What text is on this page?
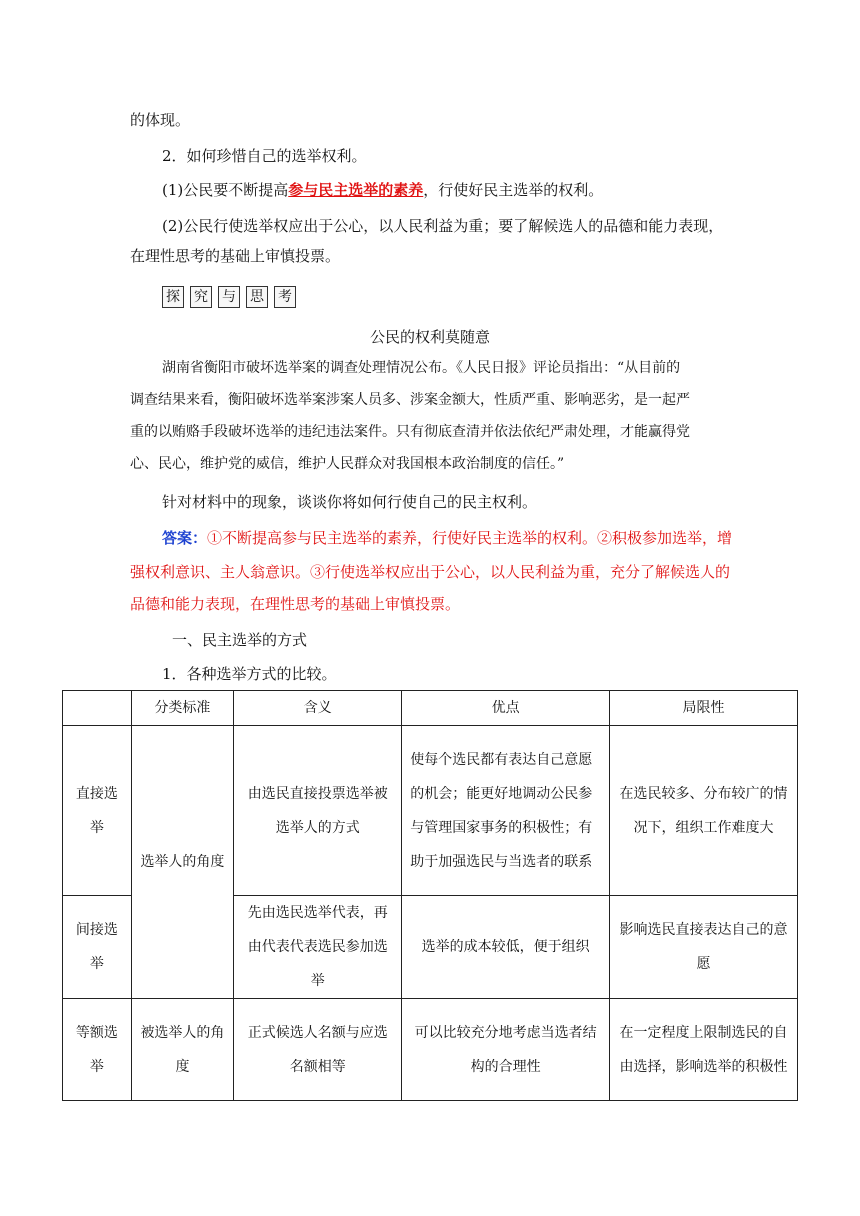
的体现。
2．如何珍惜自己的选举权利。
(1)公民要不断提高参与民主选举的素养，行使好民主选举的权利。
(2)公民行使选举权应出于公心，以人民利益为重；要了解候选人的品德和能力表现，
在理性思考的基础上审慎投票。
探 究 与 思 考
公民的权利莫随意
湖南省衡阳市破坏选举案的调查处理情况公布。《人民日报》评论员指出：“从目前的
调查结果来看，衡阳破坏选举案涉案人员多、涉案金额大，性质严重、影响恶劣，是一起严
重的以贿赂手段破坏选举的违纪违法案件。只有彻底查清并依法依纪严肃处理，才能赢得党
心、民心，维护党的威信，维护人民群众对我国根本政治制度的信任。”
针对材料中的现象，谈谈你将如何行使自己的民主权利。
答案：①不断提高参与民主选举的素养，行使好民主选举的权利。②积极参加选举，增
强权利意识、主人翁意识。③行使选举权应出于公心，以人民利益为重，充分了解候选人的
品德和能力表现，在理性思考的基础上审慎投票。
一、民主选举的方式
1．各种选举方式的比较。
	分类标准	含义	优点	局限性
直接选举	选举人的角度	由选民直接投票选举被选举人的方式	使每个选民都有表达自己意愿的机会；能更好地调动公民参与管理国家事务的积极性；有助于加强选民与当选者的联系	在选民较多、分布较广的情况下，组织工作难度大
间接选举		先由选民选举代表，再由代表代表选民参加选举	选举的成本较低，便于组织	影响选民直接表达自己的意愿
等额选举	被选举人的角度	正式候选人名额与应选名额相等	可以比较充分地考虑当选者结构的合理性	在一定程度上限制选民的自由选择，影响选举的积极性
